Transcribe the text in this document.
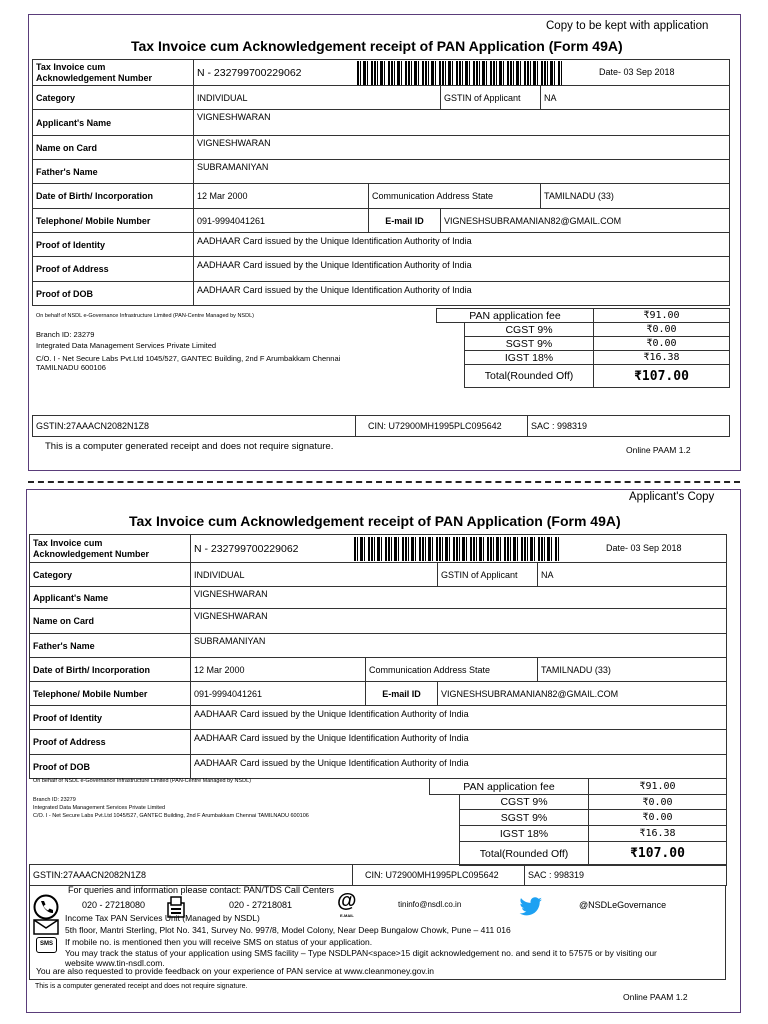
Copy to be kept with application
Tax Invoice cum Acknowledgement receipt of PAN Application (Form 49A)
Tax Invoice cum
Acknowledgement Number	N - 232799700229062 Date- 03 Sep 2018			

Category	INDIVIDUAL		GSTIN of Applicant	NA
Applicant's Name	VIGNESHWARAN			
Name on Card	VIGNESHWARAN			
Father's Name	SUBRAMANIYAN			
Date of Birth/ Incorporation	12 Mar 2000	Communication Address State		TAMILNADU (33)
Telephone/ Mobile Number	091-9994041261	E-mail ID	VIGNESHSUBRAMANIAN82@GMAIL.COM	
Proof of Identity	AADHAAR Card issued by the Unique Identification Authority of India			
Proof of Address	AADHAAR Card issued by the Unique Identification Authority of India			
Proof of DOB	AADHAAR Card issued by the Unique Identification Authority of India			
On behalf of NSDL e-Governance Infrastructure Limited (PAN-Centre Managed by NSDL)
Branch ID: 23279
Integrated Data Management Services Private Limited
C/O. I - Net Secure Labs Pvt.Ltd 1045/527, GANTEC Building, 2nd F Arumbakkam Chennai
TAMILNADU 600106
PAN application fee		₹91.00
	CGST 9%	₹0.00
	SGST 9%	₹0.00
	IGST 18%	₹16.38
	Total(Rounded Off)	₹107.00
GSTIN:27AAACN2082N1Z8	CIN: U72900MH1995PLC095642	SAC : 998319
This is a computer generated receipt and does not require signature.	Online PAAM 1.2
Applicant's Copy
Tax Invoice cum Acknowledgement receipt of PAN Application (Form 49A)
Tax Invoice cum
Acknowledgement Number	N - 232799700229062 Date- 03 Sep 2018			

Category	INDIVIDUAL		GSTIN of Applicant	NA
Applicant's Name	VIGNESHWARAN			
Name on Card	VIGNESHWARAN			
Father's Name	SUBRAMANIYAN			
Date of Birth/ Incorporation	12 Mar 2000	Communication Address State		TAMILNADU (33)
Telephone/ Mobile Number	091-9994041261	E-mail ID	VIGNESHSUBRAMANIAN82@GMAIL.COM	
Proof of Identity	AADHAAR Card issued by the Unique Identification Authority of India			
Proof of Address	AADHAAR Card issued by the Unique Identification Authority of India			
Proof of DOB	AADHAAR Card issued by the Unique Identification Authority of India			
On behalf of NSDL e-Governance Infrastructure Limited (PAN-Centre Managed by NSDL)
Branch ID: 23279
Integrated Data Management Services Private Limited
C/O. I - Net Secure Labs Pvt.Ltd 1045/527, GANTEC Building, 2nd F Arumbakkam Chennai TAMILNADU 600106
PAN application fee		₹91.00
	CGST 9%	₹0.00
	SGST 9%	₹0.00
	IGST 18%	₹16.38
	Total(Rounded Off)	₹107.00
GSTIN:27AAACN2082N1Z8	CIN: U72900MH1995PLC095642	SAC : 998319
For queries and information please contact: PAN/TDS Call Centers
020 - 27218080	020 - 27218081 @
E-MAIL
tininfo@nsdl.co.in	@NSDLeGovernance
Income Tax PAN Services Unit (Managed by NSDL)
5th floor, Mantri Sterling, Plot No. 341, Survey No. 997/8, Model Colony, Near Deep Bungalow Chowk, Pune – 411 016
SMS	If mobile no. is mentioned then you will receive SMS on status of your application.
You may track the status of your application using SMS facility – Type NSDLPAN<space>15 digit acknowledgement no. and send it to 57575 or by visiting our
website www.tin-nsdl.com.
You are also requested to provide feedback on your experience of PAN service at www.cleanmoney.gov.in
This is a computer generated receipt and does not require signature.
Online PAAM 1.2
